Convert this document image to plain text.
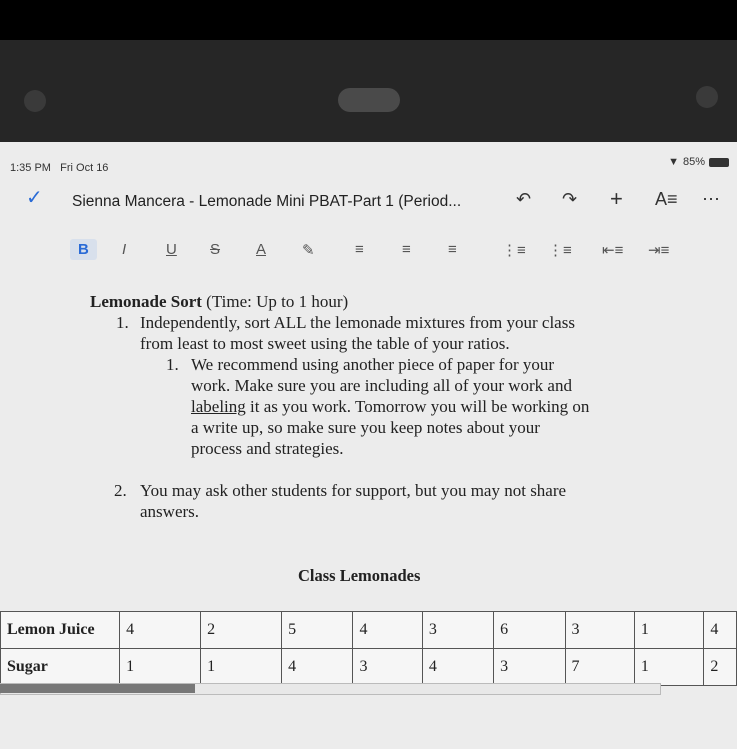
1:35 PM Fri Oct 16	▼ 85%
✓ Sienna Mancera - Lemonade Mini PBAT-Part 1 (Period...	↶ ↷ + A≡ ⋯
B	I	U S A ✎	≡	≡ ≡	⋮≡ ⋮≡ ⇤≡ ⇥≡
Lemonade Sort (Time: Up to 1 hour)
1. Independently, sort ALL the lemonade mixtures from your class
from least to most sweet using the table of your ratios.
1. We recommend using another piece of paper for your
work. Make sure you are including all of your work and
labeling it as you work. Tomorrow you will be working on
a write up, so make sure you keep notes about your
process and strategies.
2. You may ask other students for support, but you may not share
answers.
Class Lemonades
Lemon Juice	4	2	5	4	3	6	3	1	4
Sugar	1	1	4	3	4	3	7	1	2
